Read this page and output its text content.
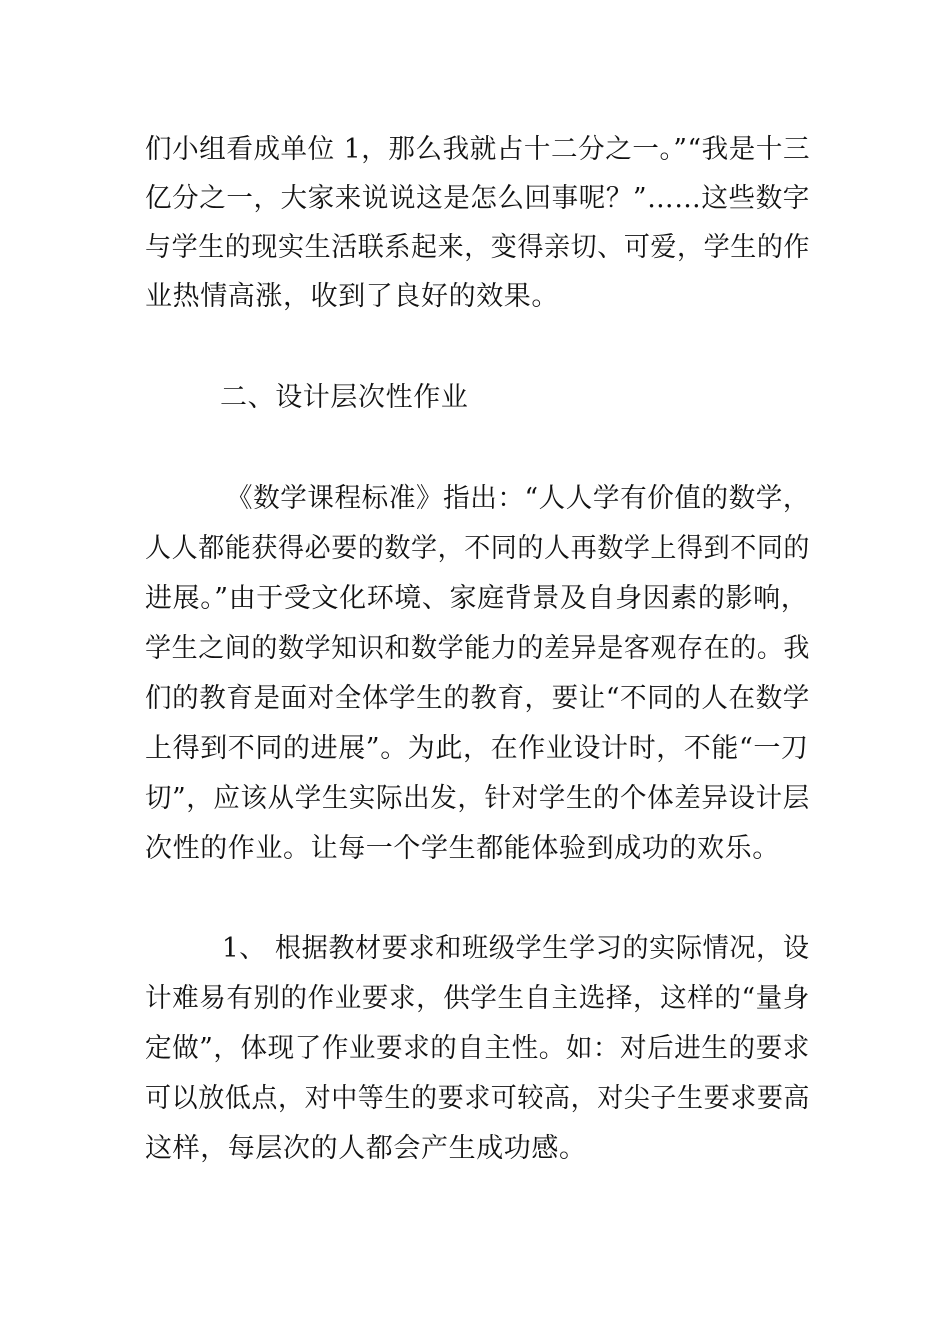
们小组看成单位 1，那么我就占十二分之一。”“我是十三
亿分之一，大家来说说这是怎么回事呢？”……这些数字
与学生的现实生活联系起来，变得亲切、可爱，学生的作
业热情高涨，收到了良好的效果。
二、设计层次性作业
《数学课程标准》指出：“人人学有价值的数学，
人人都能获得必要的数学，不同的人再数学上得到不同的
进展。”由于受文化环境、家庭背景及自身因素的影响，
学生之间的数学知识和数学能力的差异是客观存在的。我
们的教育是面对全体学生的教育，要让“不同的人在数学
上得到不同的进展”。为此，在作业设计时，不能“一刀
切”，应该从学生实际出发，针对学生的个体差异设计层
次性的作业。让每一个学生都能体验到成功的欢乐。
1、 根据教材要求和班级学生学习的实际情况，设
计难易有别的作业要求，供学生自主选择，这样的“量身
定做”，体现了作业要求的自主性。如：对后进生的要求
可以放低点，对中等生的要求可较高，对尖子生要求要高
这样，每层次的人都会产生成功感。
